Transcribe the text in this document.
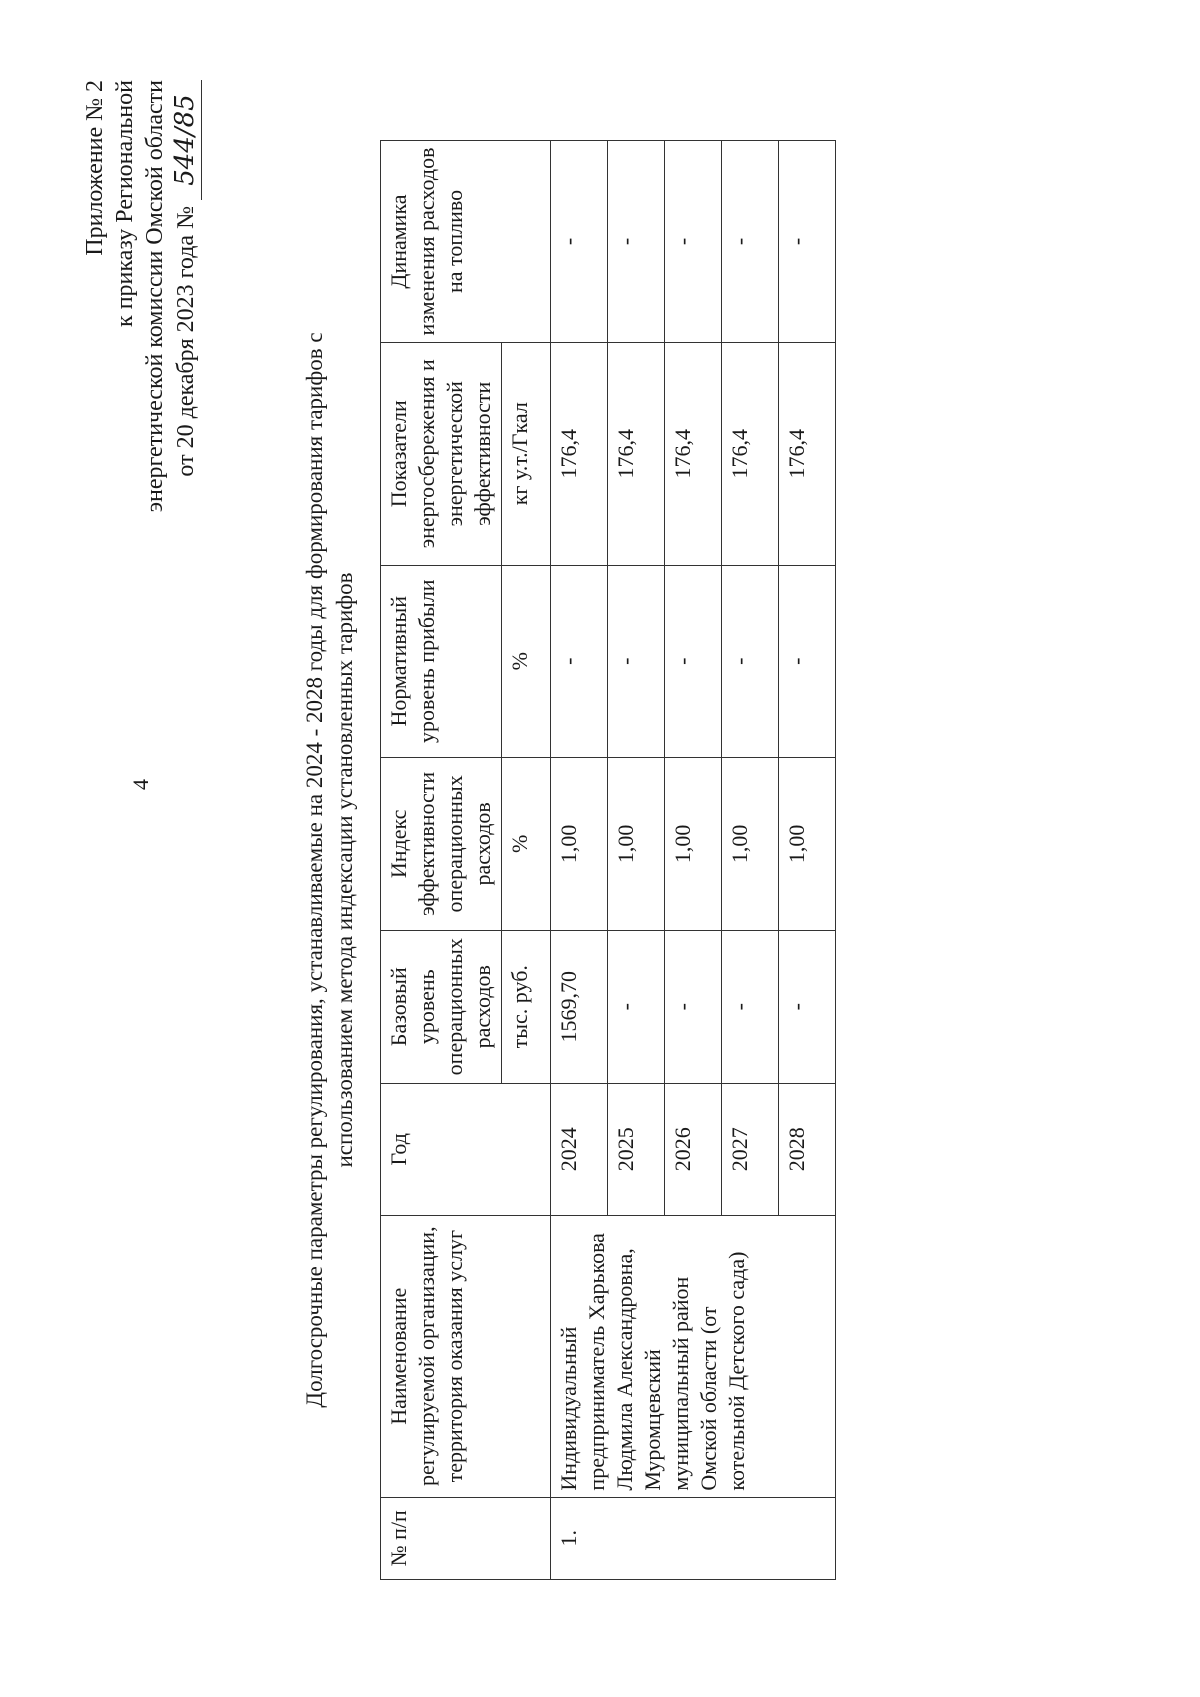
4
Приложение № 2 к приказу Региональной энергетической комиссии Омской области от 20 декабря 2023 года № 544/85
Долгосрочные параметры регулирования, устанавливаемые на 2024 - 2028 годы для формирования тарифов с использованием метода индексации установленных тарифов
№ п/п	Наименование регулируемой организации, территория оказания услуг	Год	Базовый уровень операционных расходов	Индекс эффективности операционных расходов	Нормативный уровень прибыли	Показатели энергосбережения и энергетической эффективности	Динамика изменения расходов на топливо
			тыс. руб.	%	%	кг у.т./Гкал	
1.	Индивидуальный предприниматель Харькова Людмила Александровна, Муромцевский муниципальный район Омской области (от котельной Детского сада)	2024	1569,70	1,00	-	176,4	-
		2025	-	1,00	-	176,4	-
		2026	-	1,00	-	176,4	-
		2027	-	1,00	-	176,4	-
		2028	-	1,00	-	176,4	-
